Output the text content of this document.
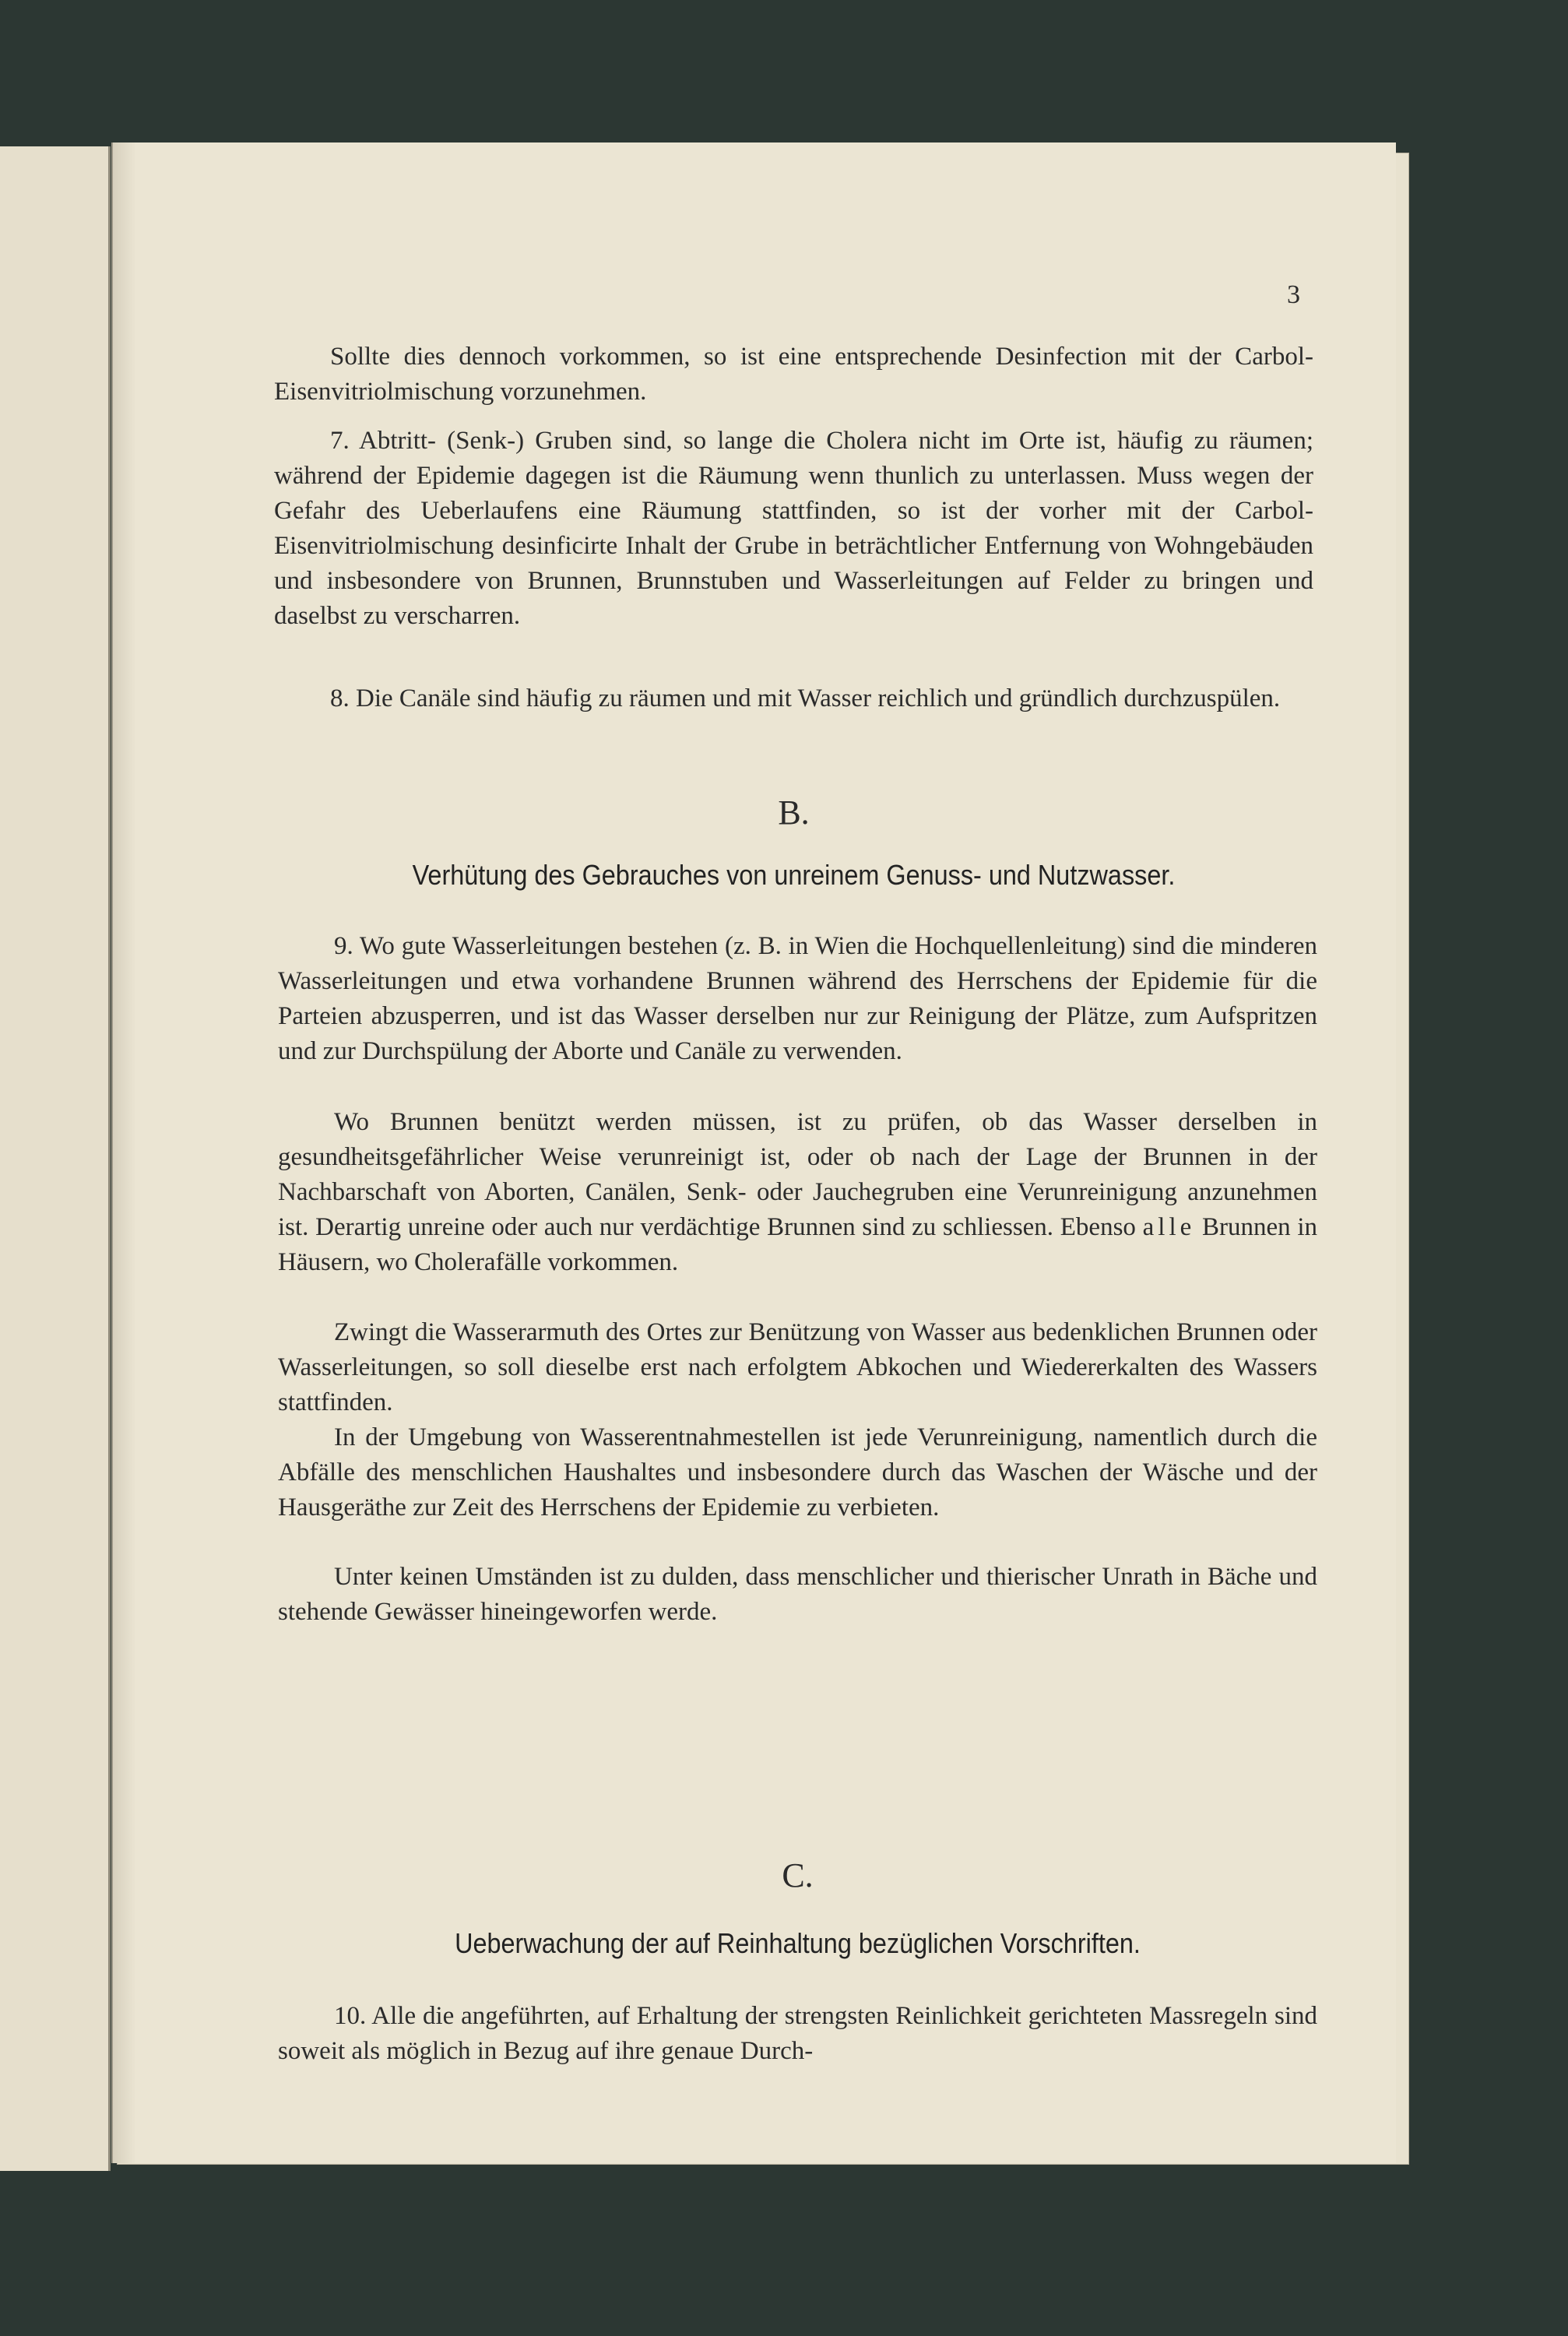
3

Sollte dies dennoch vorkommen, so ist eine entsprechende Desinfection mit der Carbol-Eisenvitriolmischung vorzunehmen.

7. Abtritt- (Senk-) Gruben sind, so lange die Cholera nicht im Orte ist, häufig zu räumen; während der Epidemie dagegen ist die Räumung wenn thunlich zu unterlassen. Muss wegen der Gefahr des Ueberlaufens eine Räumung stattfinden, so ist der vorher mit der Carbol-Eisenvitriolmischung desinficirte Inhalt der Grube in beträchtlicher Entfernung von Wohngebäuden und insbesondere von Brunnen, Brunnstuben und Wasserleitungen auf Felder zu bringen und daselbst zu verscharren.

8. Die Canäle sind häufig zu räumen und mit Wasser reichlich und gründlich durchzuspülen.

B.
Verhütung des Gebrauches von unreinem Genuss- und Nutzwasser.

9. Wo gute Wasserleitungen bestehen (z. B. in Wien die Hochquellenleitung) sind die minderen Wasserleitungen und etwa vorhandene Brunnen während des Herrschens der Epidemie für die Parteien abzusperren, und ist das Wasser derselben nur zur Reinigung der Plätze, zum Aufspritzen und zur Durchspülung der Aborte und Canäle zu verwenden.

Wo Brunnen benützt werden müssen, ist zu prüfen, ob das Wasser derselben in gesundheitsgefährlicher Weise verunreinigt ist, oder ob nach der Lage der Brunnen in der Nachbarschaft von Aborten, Canälen, Senk- oder Jauchegruben eine Verunreinigung anzunehmen ist. Derartig unreine oder auch nur verdächtige Brunnen sind zu schliessen. Ebenso alle Brunnen in Häusern, wo Cholerafälle vorkommen.

Zwingt die Wasserarmuth des Ortes zur Benützung von Wasser aus bedenklichen Brunnen oder Wasserleitungen, so soll dieselbe erst nach erfolgtem Abkochen und Wiedererkalten des Wassers stattfinden.

In der Umgebung von Wasserentnahmestellen ist jede Verunreinigung, namentlich durch die Abfälle des menschlichen Haushaltes und insbesondere durch das Waschen der Wäsche und der Hausgeräthe zur Zeit des Herrschens der Epidemie zu verbieten.

Unter keinen Umständen ist zu dulden, dass menschlicher und thierischer Unrath in Bäche und stehende Gewässer hineingeworfen werde.

C.
Ueberwachung der auf Reinhaltung bezüglichen Vorschriften.

10. Alle die angeführten, auf Erhaltung der strengsten Reinlichkeit gerichteten Massregeln sind soweit als möglich in Bezug auf ihre genaue Durch-
